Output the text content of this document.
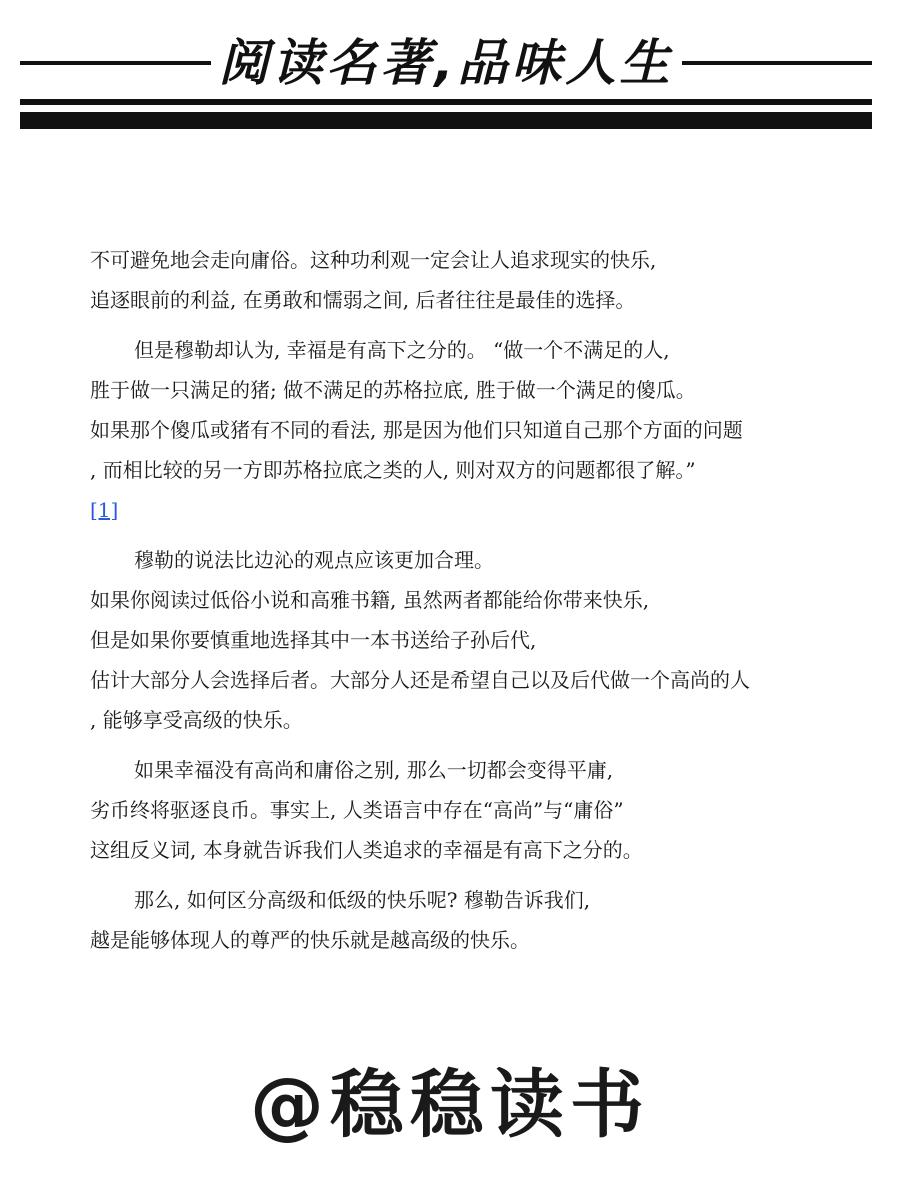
阅读名著,品味人生

不可避免地会走向庸俗。这种功利观一定会让人追求现实的快乐,
追逐眼前的利益, 在勇敢和懦弱之间, 后者往往是最佳的选择。

但是穆勒却认为, 幸福是有高下之分的。 “做一个不满足的人,
胜于做一只满足的猪; 做不满足的苏格拉底, 胜于做一个满足的傻瓜。
如果那个傻瓜或猪有不同的看法, 那是因为他们只知道自己那个方面的问题
, 而相比较的另一方即苏格拉底之类的人, 则对双方的问题都很了解。”
[1]

穆勒的说法比边沁的观点应该更加合理。
如果你阅读过低俗小说和高雅书籍, 虽然两者都能给你带来快乐,
但是如果你要慎重地选择其中一本书送给子孙后代,
估计大部分人会选择后者。大部分人还是希望自己以及后代做一个高尚的人
, 能够享受高级的快乐。

如果幸福没有高尚和庸俗之别, 那么一切都会变得平庸,
劣币终将驱逐良币。事实上, 人类语言中存在“高尚”与“庸俗”
这组反义词, 本身就告诉我们人类追求的幸福是有高下之分的。

那么, 如何区分高级和低级的快乐呢? 穆勒告诉我们,
越是能够体现人的尊严的快乐就是越高级的快乐。

@稳稳读书
